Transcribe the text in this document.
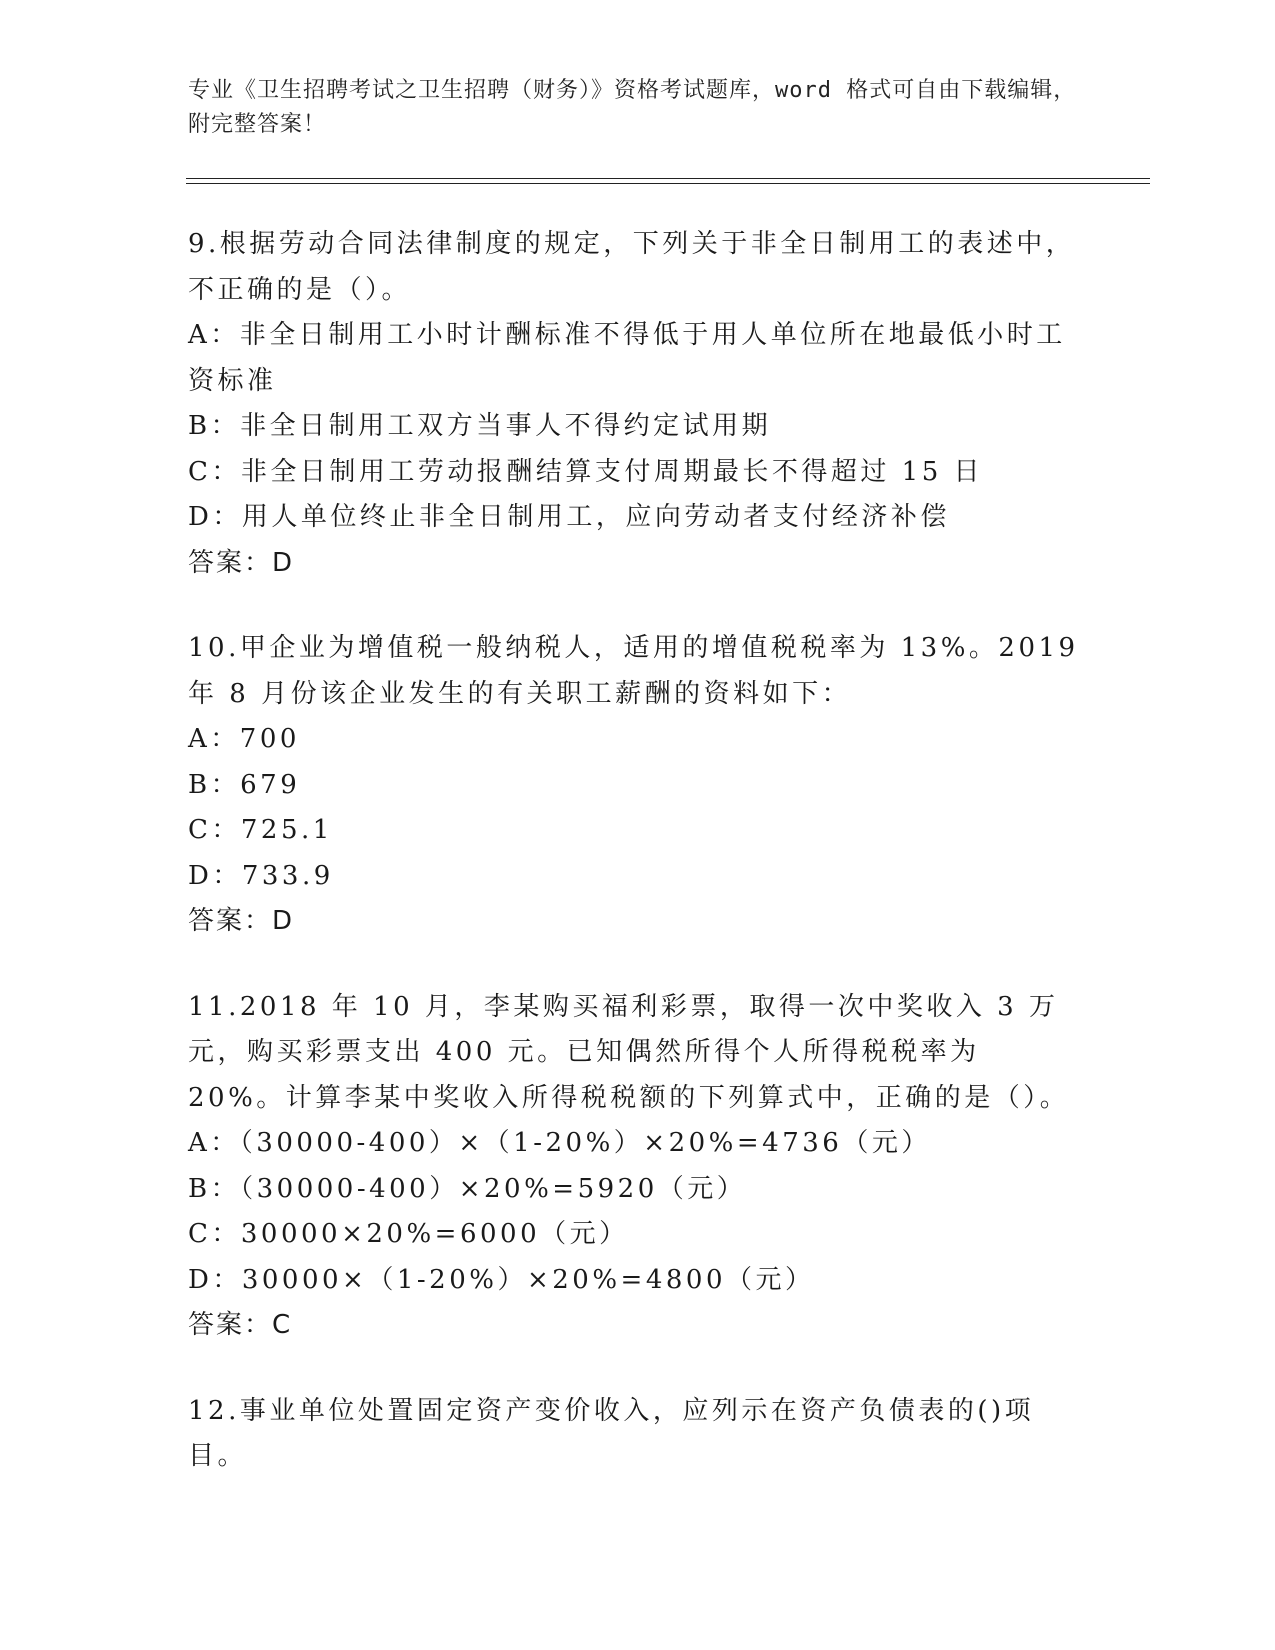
专业《卫生招聘考试之卫生招聘（财务）》资格考试题库，word 格式可自由下载编辑，附完整答案！

9.根据劳动合同法律制度的规定，下列关于非全日制用工的表述中，不正确的是（）。

A：非全日制用工小时计酬标准不得低于用人单位所在地最低小时工资标准

B：非全日制用工双方当事人不得约定试用期

C：非全日制用工劳动报酬结算支付周期最长不得超过 15 日

D：用人单位终止非全日制用工，应向劳动者支付经济补偿

答案：D

10.甲企业为增值税一般纳税人，适用的增值税税率为 13%。2019 年 8 月份该企业发生的有关职工薪酬的资料如下：

A：700

B：679

C：725.1

D：733.9

答案：D

11.2018 年 10 月，李某购买福利彩票，取得一次中奖收入 3 万元，购买彩票支出 400 元。已知偶然所得个人所得税税率为 20%。计算李某中奖收入所得税税额的下列算式中，正确的是（）。

A：（30000-400）×（1-20%）×20%=4736（元）

B：（30000-400）×20%=5920（元）

C：30000×20%=6000（元）

D：30000×（1-20%）×20%=4800（元）

答案：C

12.事业单位处置固定资产变价收入，应列示在资产负债表的()项目。
